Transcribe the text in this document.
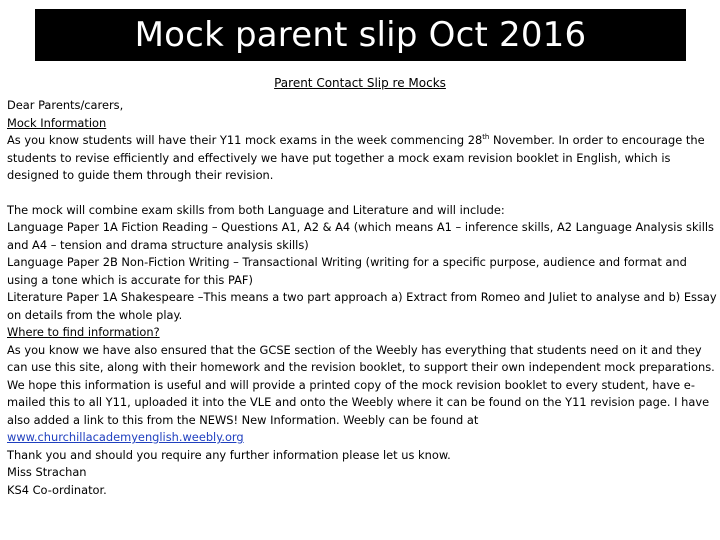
Mock parent slip Oct 2016
Parent Contact Slip re Mocks

Dear Parents/carers,

Mock Information

As you know students will have their Y11 mock exams in the week commencing 28th November. In order to encourage the students to revise efficiently and effectively we have put together a mock exam revision booklet in English, which is designed to guide them through their revision.

The mock will combine exam skills from both Language and Literature and will include:

Language Paper 1A Fiction Reading – Questions A1, A2 & A4 (which means A1 – inference skills, A2 Language Analysis skills and A4 – tension and drama structure analysis skills)

Language Paper 2B Non-Fiction Writing – Transactional Writing (writing for a specific purpose, audience and format and using a tone which is accurate for this PAF)

Literature Paper 1A Shakespeare –This means a two part approach a) Extract from Romeo and Juliet to analyse and b) Essay on details from the whole play.

Where to find information?

As you know we have also ensured that the GCSE section of the Weebly has everything that students need on it and they can use this site, along with their homework and the revision booklet, to support their own independent mock preparations. We hope this information is useful and will provide a printed copy of the mock revision booklet to every student, have e-mailed this to all Y11, uploaded it into the VLE and onto the Weebly where it can be found on the Y11 revision page. I have also added a link to this from the NEWS! New Information. Weebly can be found at

www.churchillacademyenglish.weebly.org

Thank you and should you require any further information please let us know.

Miss Strachan

KS4 Co-ordinator.
